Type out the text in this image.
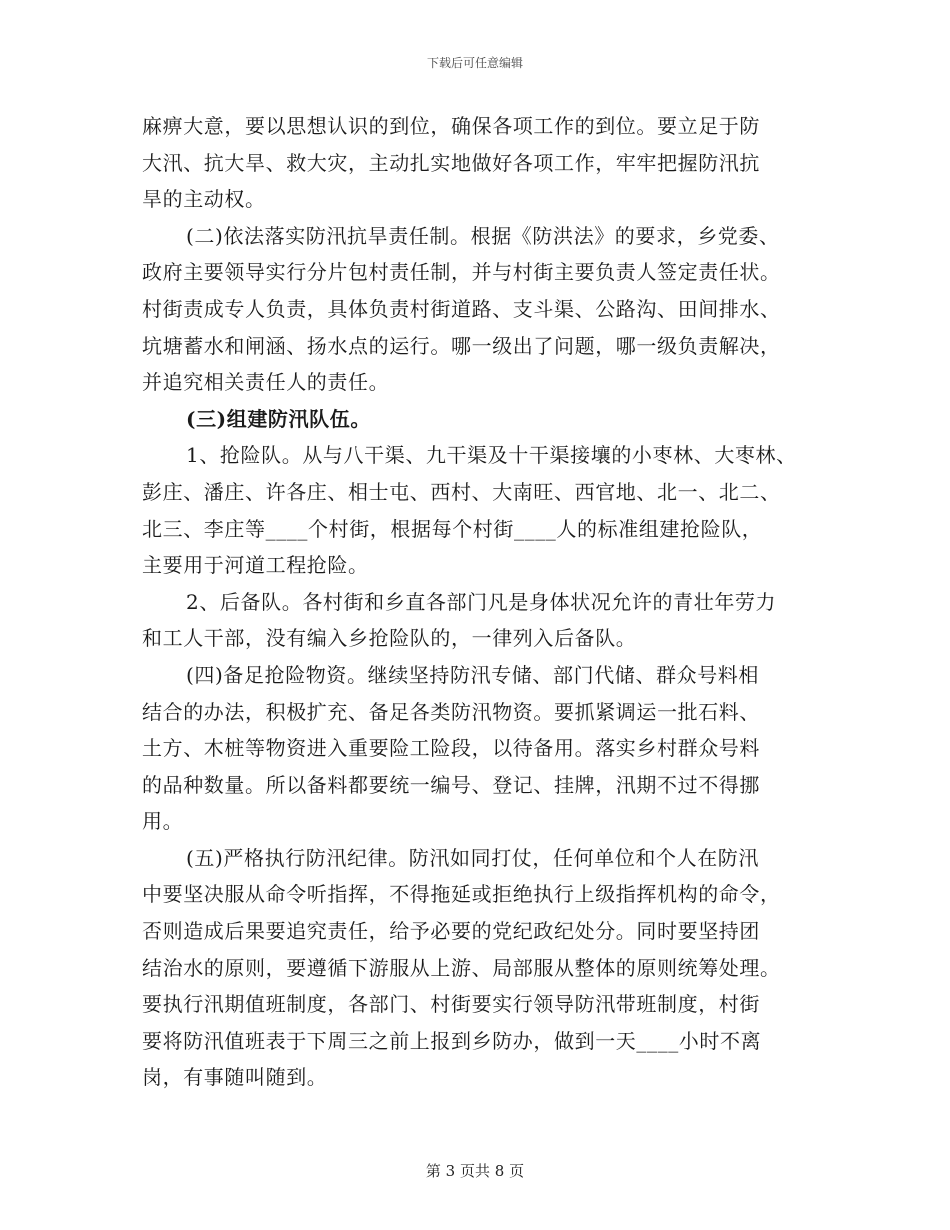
下载后可任意编辑

麻痹大意，要以思想认识的到位，确保各项工作的到位。要立足于防
大汛、抗大旱、救大灾，主动扎实地做好各项工作，牢牢把握防汛抗
旱的主动权。

(二)依法落实防汛抗旱责任制。根据《防洪法》的要求，乡党委、
政府主要领导实行分片包村责任制，并与村街主要负责人签定责任状。
村街责成专人负责，具体负责村街道路、支斗渠、公路沟、田间排水、
坑塘蓄水和闸涵、扬水点的运行。哪一级出了问题，哪一级负责解决，
并追究相关责任人的责任。

(三)组建防汛队伍。

1、抢险队。从与八干渠、九干渠及十干渠接壤的小枣林、大枣林、
彭庄、潘庄、许各庄、相士屯、西村、大南旺、西官地、北一、北二、
北三、李庄等____个村街，根据每个村街____人的标准组建抢险队，
主要用于河道工程抢险。

2、后备队。各村街和乡直各部门凡是身体状况允许的青壮年劳力
和工人干部，没有编入乡抢险队的，一律列入后备队。

(四)备足抢险物资。继续坚持防汛专储、部门代储、群众号料相
结合的办法，积极扩充、备足各类防汛物资。要抓紧调运一批石料、
土方、木桩等物资进入重要险工险段，以待备用。落实乡村群众号料
的品种数量。所以备料都要统一编号、登记、挂牌，汛期不过不得挪
用。

(五)严格执行防汛纪律。防汛如同打仗，任何单位和个人在防汛
中要坚决服从命令听指挥，不得拖延或拒绝执行上级指挥机构的命令，
否则造成后果要追究责任，给予必要的党纪政纪处分。同时要坚持团
结治水的原则，要遵循下游服从上游、局部服从整体的原则统筹处理。
要执行汛期值班制度，各部门、村街要实行领导防汛带班制度，村街
要将防汛值班表于下周三之前上报到乡防办，做到一天____小时不离
岗，有事随叫随到。

第 3 页共 8 页
